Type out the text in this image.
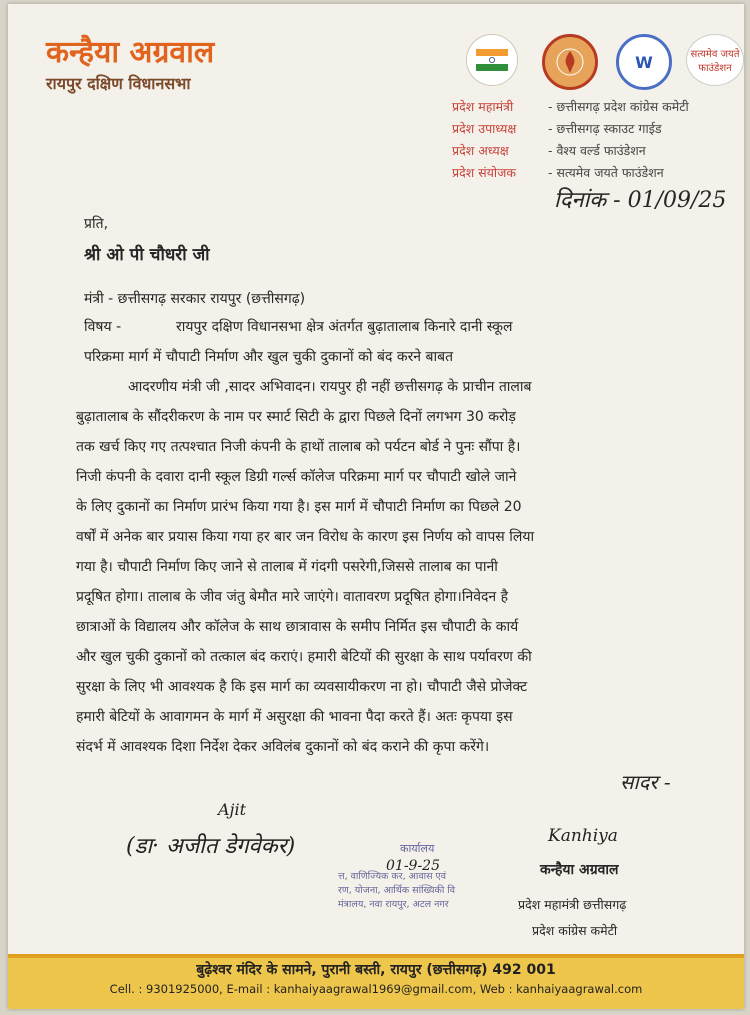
कन्हैया अग्रवाल
रायपुर दक्षिण विधानसभा
W	सत्यमेव जयते फाउंडेशन
प्रदेश महामंत्री	- छत्तीसगढ़ प्रदेश कांग्रेस कमेटी
प्रदेश उपाध्यक्ष	- छत्तीसगढ़ स्काउट गाईड
प्रदेश अध्यक्ष	- वैश्य वर्ल्ड फाउंडेशन
प्रदेश संयोजक	- सत्यमेव जयते फाउंडेशन
दिनांक - 01/09/25
प्रति,
श्री ओ पी चौधरी जी
मंत्री - छत्तीसगढ़ सरकार रायपुर (छत्तीसगढ़)
विषय -	रायपुर दक्षिण विधानसभा क्षेत्र अंतर्गत बुढ़ातालाब किनारे दानी स्कूल
परिक्रमा मार्ग में चौपाटी निर्माण और खुल चुकी दुकानों को बंद करने बाबत
आदरणीय मंत्री जी ,सादर अभिवादन। रायपुर ही नहीं छत्तीसगढ़ के प्राचीन तालाब
बुढ़ातालाब के सौंदरीकरण के नाम पर स्मार्ट सिटी के द्वारा पिछले दिनों लगभग 30 करोड़
तक खर्च किए गए तत्पश्चात निजी कंपनी के हाथों तालाब को पर्यटन बोर्ड ने पुनः सौंपा है।
निजी कंपनी के दवारा दानी स्कूल डिग्री गर्ल्स कॉलेज परिक्रमा मार्ग पर चौपाटी खोले जाने
के लिए दुकानों का निर्माण प्रारंभ किया गया है। इस मार्ग में चौपाटी निर्माण का पिछले 20
वर्षों में अनेक बार प्रयास किया गया हर बार जन विरोध के कारण इस निर्णय को वापस लिया
गया है। चौपाटी निर्माण किए जाने से तालाब में गंदगी पसरेगी,जिससे तालाब का पानी
प्रदूषित होगा। तालाब के जीव जंतु बेमौत मारे जाएंगे। वातावरण प्रदूषित होगा।निवेदन है
छात्राओं के विद्यालय और कॉलेज के साथ छात्रावास के समीप निर्मित इस चौपाटी के कार्य
और खुल चुकी दुकानों को तत्काल बंद कराएं। हमारी बेटियों की सुरक्षा के साथ पर्यावरण की
सुरक्षा के लिए भी आवश्यक है कि इस मार्ग का व्यवसायीकरण ना हो। चौपाटी जैसे प्रोजेक्ट
हमारी बेटियों के आवागमन के मार्ग में असुरक्षा की भावना पैदा करते हैं। अतः कृपया इस
संदर्भ में आवश्यक दिशा निर्देश देकर अविलंब दुकानों को बंद कराने की कृपा करेंगे।
सादर -
Ajit
(डा· अजीत डेगवेकर)	कार्यालय
त्त, वाणिज्यिक कर, आवास एवं
रण, योजना, आर्थिक सांख्यिकी वि
मंत्रालय, नवा रायपुर, अटल नगर
01-9-25
Kanhiya
कन्हैया अग्रवाल
प्रदेश महामंत्री छत्तीसगढ़
प्रदेश कांग्रेस कमेटी
बुढ़ेश्वर मंदिर के सामने, पुरानी बस्ती, रायपुर (छत्तीसगढ़) 492 001
Cell. : 9301925000, E-mail : kanhaiyaagrawal1969@gmail.com, Web : kanhaiyaagrawal.com
